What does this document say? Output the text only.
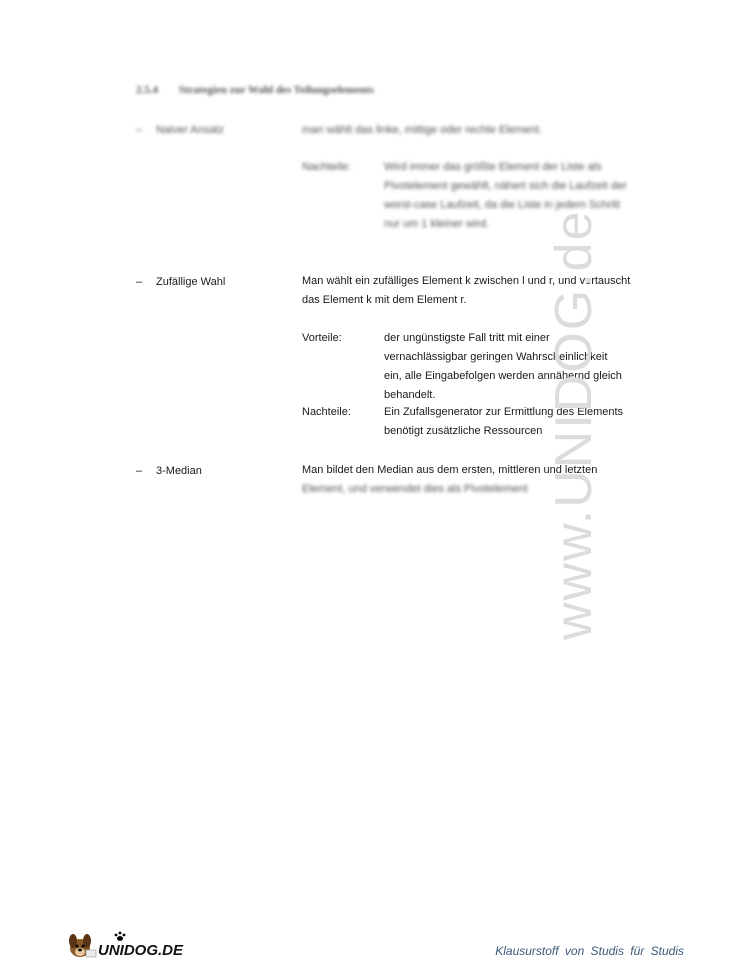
2.5.4 Strategien zur Wahl des Teilungselements
– Naiver Ansatz	man wählt das linke, mittige oder rechte Element.
Nachteile:	Wird immer das größte Element der Liste als
Pivotelement gewählt, nähert sich die Laufzeit der
worst-case Laufzeit, da die Liste in jedem Schritt
nur um 1 kleiner wird.
– Zufällige Wahl	Man wählt ein zufälliges Element k zwischen l und r, und vertauscht
das Element k mit dem Element r.
Vorteile:	der ungünstigste Fall tritt mit einer
vernachlässigbar geringen Wahrscheinlichkeit
ein, alle Eingabefolgen werden annähernd gleich
behandelt.
Nachteile:	Ein Zufallsgenerator zur Ermittlung des Elements
benötigt zusätzliche Ressourcen
– 3-Median	Man bildet den Median aus dem ersten, mittleren und letzten
Element, und verwendet dies als Pivotelement www.UNIDOG.de
UNIDOG.DE	Klausurstoff von Studis für Studis
